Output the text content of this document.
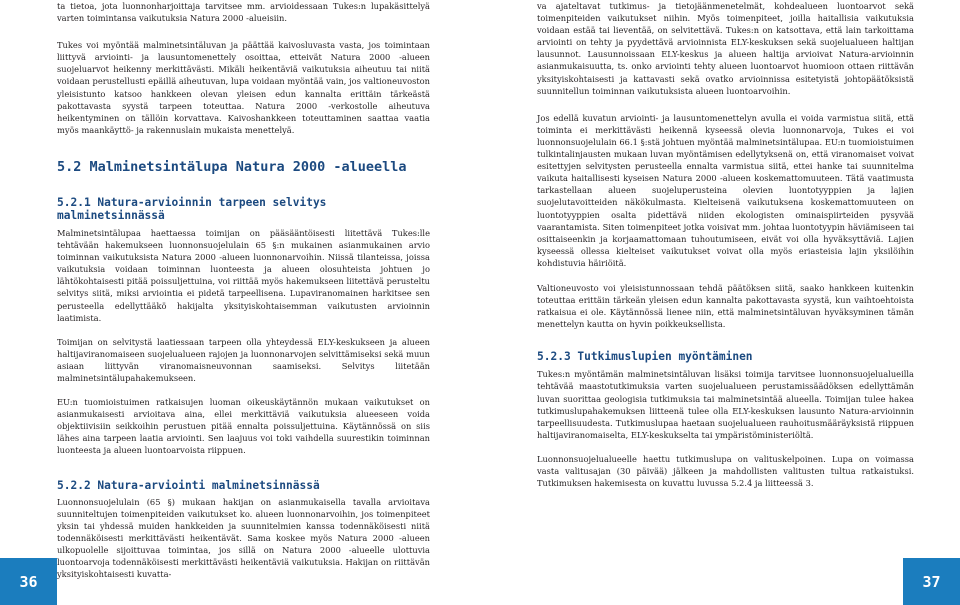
ta tietoa, jota luonnonharjoittaja tarvitsee mm. arvioidessaan Tukes:n lupakäsittelyä varten toimintansa vaikutuksia Natura 2000 -alueisiin.

Tukes voi myöntää malminetsintäluvan ja päättää kaivosluvasta vasta, jos toimintaan liittyvä arviointi- ja lausuntomenettely osoittaa, etteivät Natura 2000 -alueen suojeluarvot heikenny merkittävästi. Mikäli heikentäviä vaikutuksia aiheutuu tai niitä voidaan perustellusti epäillä aiheutuvan, lupa voidaan myöntää vain, jos valtioneuvoston yleisistunto katsoo hankkeen olevan yleisen edun kannalta erittäin tärkeästä pakottavasta syystä tarpeen toteuttaa. Natura 2000 -verkostolle aiheutuva heikentyminen on tällöin korvattava. Kaivoshankkeen toteuttaminen saattaa vaatia myös maankäyttö- ja rakennuslain mukaista menettelyä.

5.2 Malminetsintälupa Natura 2000 -alueella
5.2.1 Natura-arvioinnin tarpeen selvitys malminetsinnässä

Malminetsintälupaa haettaessa toimijan on pääsääntöisesti liitettävä Tukes:lle tehtävään hakemukseen luonnonsuojelulain 65 §:n mukainen asianmukainen arvio toiminnan vaikutuksista Natura 2000 -alueen luonnonarvoihin. Niissä tilanteissa, joissa vaikutuksia voidaan toiminnan luonteesta ja alueen olosuhteista johtuen jo lähtökohtaisesti pitää poissuljettuina, voi riittää myös hakemukseen liitettävä perusteltu selvitys siitä, miksi arviointia ei pidetä tarpeellisena. Lupaviranomainen harkitsee sen perusteella edellyttääkö hakijalta yksityiskohtaisemman vaikutusten arvioinnin laatimista.

Toimijan on selvitystä laatiessaan tarpeen olla yhteydessä ELY-keskukseen ja alueen haltijaviranomaiseen suojelualueen rajojen ja luonnonarvojen selvittämiseksi sekä muun asiaan liittyvän viranomaisneuvonnan saamiseksi. Selvitys liitetään malminetsintälupahakemukseen.

EU:n tuomioistuimen ratkaisujen luoman oikeuskäytännön mukaan vaikutukset on asianmukaisesti arvioitava aina, ellei merkittäviä vaikutuksia alueeseen voida objektiivisiin seikkoihin perustuen pitää ennalta poissuljettuina. Käytännössä on siis lähes aina tarpeen laatia arviointi. Sen laajuus voi toki vaihdella suurestikin toiminnan luonteesta ja alueen luontoarvoista riippuen.

5.2.2 Natura-arviointi malminetsinnässä

Luonnonsuojelulain (65 §) mukaan hakijan on asianmukaisella tavalla arvioitava suunniteltujen toimenpiteiden vaikutukset ko. alueen luonnonarvoihin, jos toimenpiteet yksin tai yhdessä muiden hankkeiden ja suunnitelmien kanssa todennäköisesti niitä todennäköisesti merkittävästi heikentävät. Sama koskee myös Natura 2000 -alueen ulkopuolelle sijoittuvaa toimintaa, jos sillä on Natura 2000 -alueelle ulottuvia luontoarvoja todennäköisesti merkittävästi heikentäviä vaikutuksia. Hakijan on riittävän yksityiskohtaisesti kuvatta-

va ajateltavat tutkimus- ja tietojäänmenetelmät, kohdealueen luontoarvot sekä toimenpiteiden vaikutukset niihin. Myös toimenpiteet, joilla haitallisia vaikutuksia voidaan estää tai lieventää, on selvitettävä. Tukes:n on katsottava, että lain tarkoittama arviointi on tehty ja pyydettävä arvioinnista ELY-keskuksen sekä suojelualueen haltijan lausunnot. Lausunnoissaan ELY-keskus ja alueen haltija arvioivat Natura-arvioinnin asianmukaisuutta, ts. onko arviointi tehty alueen luontoarvot huomioon ottaen riittävän yksityiskohtaisesti ja kattavasti sekä ovatko arvioinnissa esitetyistä johtopäätöksistä suunnitellun toiminnan vaikutuksista alueen luontoarvoihin.

Jos edellä kuvatun arviointi- ja lausuntomenettelyn avulla ei voida varmistua siitä, että toiminta ei merkittävästi heikennä kyseessä olevia luonnonarvoja, Tukes ei voi luonnonsuojelulain 66.1 §:stä johtuen myöntää malminetsintälupaa. EU:n tuomioistuimen tulkintalinjausten mukaan luvan myöntämisen edellytyksenä on, että viranomaiset voivat esitettyjen selvitysten perusteella ennalta varmistua siitä, ettei hanke tai suunnitelma vaikuta haitallisesti kyseisen Natura 2000 -alueen koskemattomuuteen. Tätä vaatimusta tarkastellaan alueen suojeluperusteina olevien luontotyyppien ja lajien suojelutavoitteiden näkökulmasta. Kielteisenä vaikutuksena koskemattomuuteen on luontotyyppien osalta pidettävä niiden ekologisten ominaispiirteiden pysyvää vaarantamista. Siten toimenpiteet jotka voisivat mm. johtaa luontotyypin häviämiseen tai osittaiseenkin ja korjaamattomaan tuhoutumiseen, eivät voi olla hyväksyttäviä. Lajien kyseessä ollessa kielteiset vaikutukset voivat olla myös eriasteisia lajin yksilöihin kohdistuvia häiriöitä.

Valtioneuvosto voi yleisistunnossaan tehdä päätöksen siitä, saako hankkeen kuitenkin toteuttaa erittäin tärkeän yleisen edun kannalta pakottavasta syystä, kun vaihtoehtoista ratkaisua ei ole. Käytännössä lienee niin, että malminetsintäluvan hyväksyminen tämän menettelyn kautta on hyvin poikkeuksellista.

5.2.3 Tutkimuslupien myöntäminen

Tukes:n myöntämän malminetsintäluvan lisäksi toimija tarvitsee luonnonsuojelualueilla tehtävää maastotutkimuksia varten suojelualueen perustamissäädöksen edellyttämän luvan suorittaa geologisia tutkimuksia tai malminetsintää alueella. Toimijan tulee hakea tutkimuslupahakemuksen liitteenä tulee olla ELY-keskuksen lausunto Natura-arvioinnin tarpeellisuudesta. Tutkimuslupaa haetaan suojelualueen rauhoitusmääräyksistä riippuen haltijaviranomaiselta, ELY-keskukselta tai ympäristöministeriöltä.

Luonnonsuojelualueelle haettu tutkimuslupa on valituskelpoinen. Lupa on voimassa vasta valitusajan (30 päivää) jälkeen ja mahdollisten valitusten tultua ratkaistuksi. Tutkimuksen hakemisesta on kuvattu luvussa 5.2.4 ja liitteessä 3.

36	37
